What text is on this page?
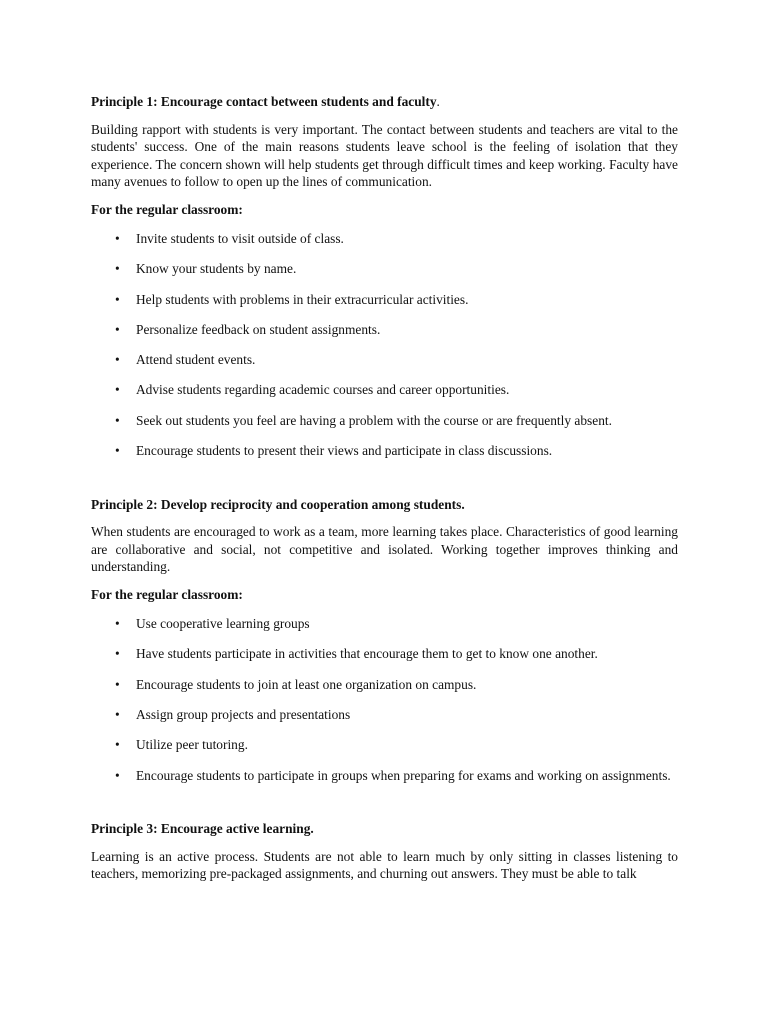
Principle 1: Encourage contact between students and faculty.

Building rapport with students is very important. The contact between students and teachers are vital to the students' success. One of the main reasons students leave school is the feeling of isolation that they experience. The concern shown will help students get through difficult times and keep working. Faculty have many avenues to follow to open up the lines of communication.

For the regular classroom:

• Invite students to visit outside of class.
• Know your students by name.
• Help students with problems in their extracurricular activities.
• Personalize feedback on student assignments.
• Attend student events.
• Advise students regarding academic courses and career opportunities.
• Seek out students you feel are having a problem with the course or are frequently absent.
• Encourage students to present their views and participate in class discussions.

Principle 2: Develop reciprocity and cooperation among students.

When students are encouraged to work as a team, more learning takes place. Characteristics of good learning are collaborative and social, not competitive and isolated. Working together improves thinking and understanding.

For the regular classroom:

• Use cooperative learning groups
• Have students participate in activities that encourage them to get to know one another.
• Encourage students to join at least one organization on campus.
• Assign group projects and presentations
• Utilize peer tutoring.
• Encourage students to participate in groups when preparing for exams and working on assignments.

Principle 3: Encourage active learning.

Learning is an active process. Students are not able to learn much by only sitting in classes listening to teachers, memorizing pre-packaged assignments, and churning out answers. They must be able to talk
